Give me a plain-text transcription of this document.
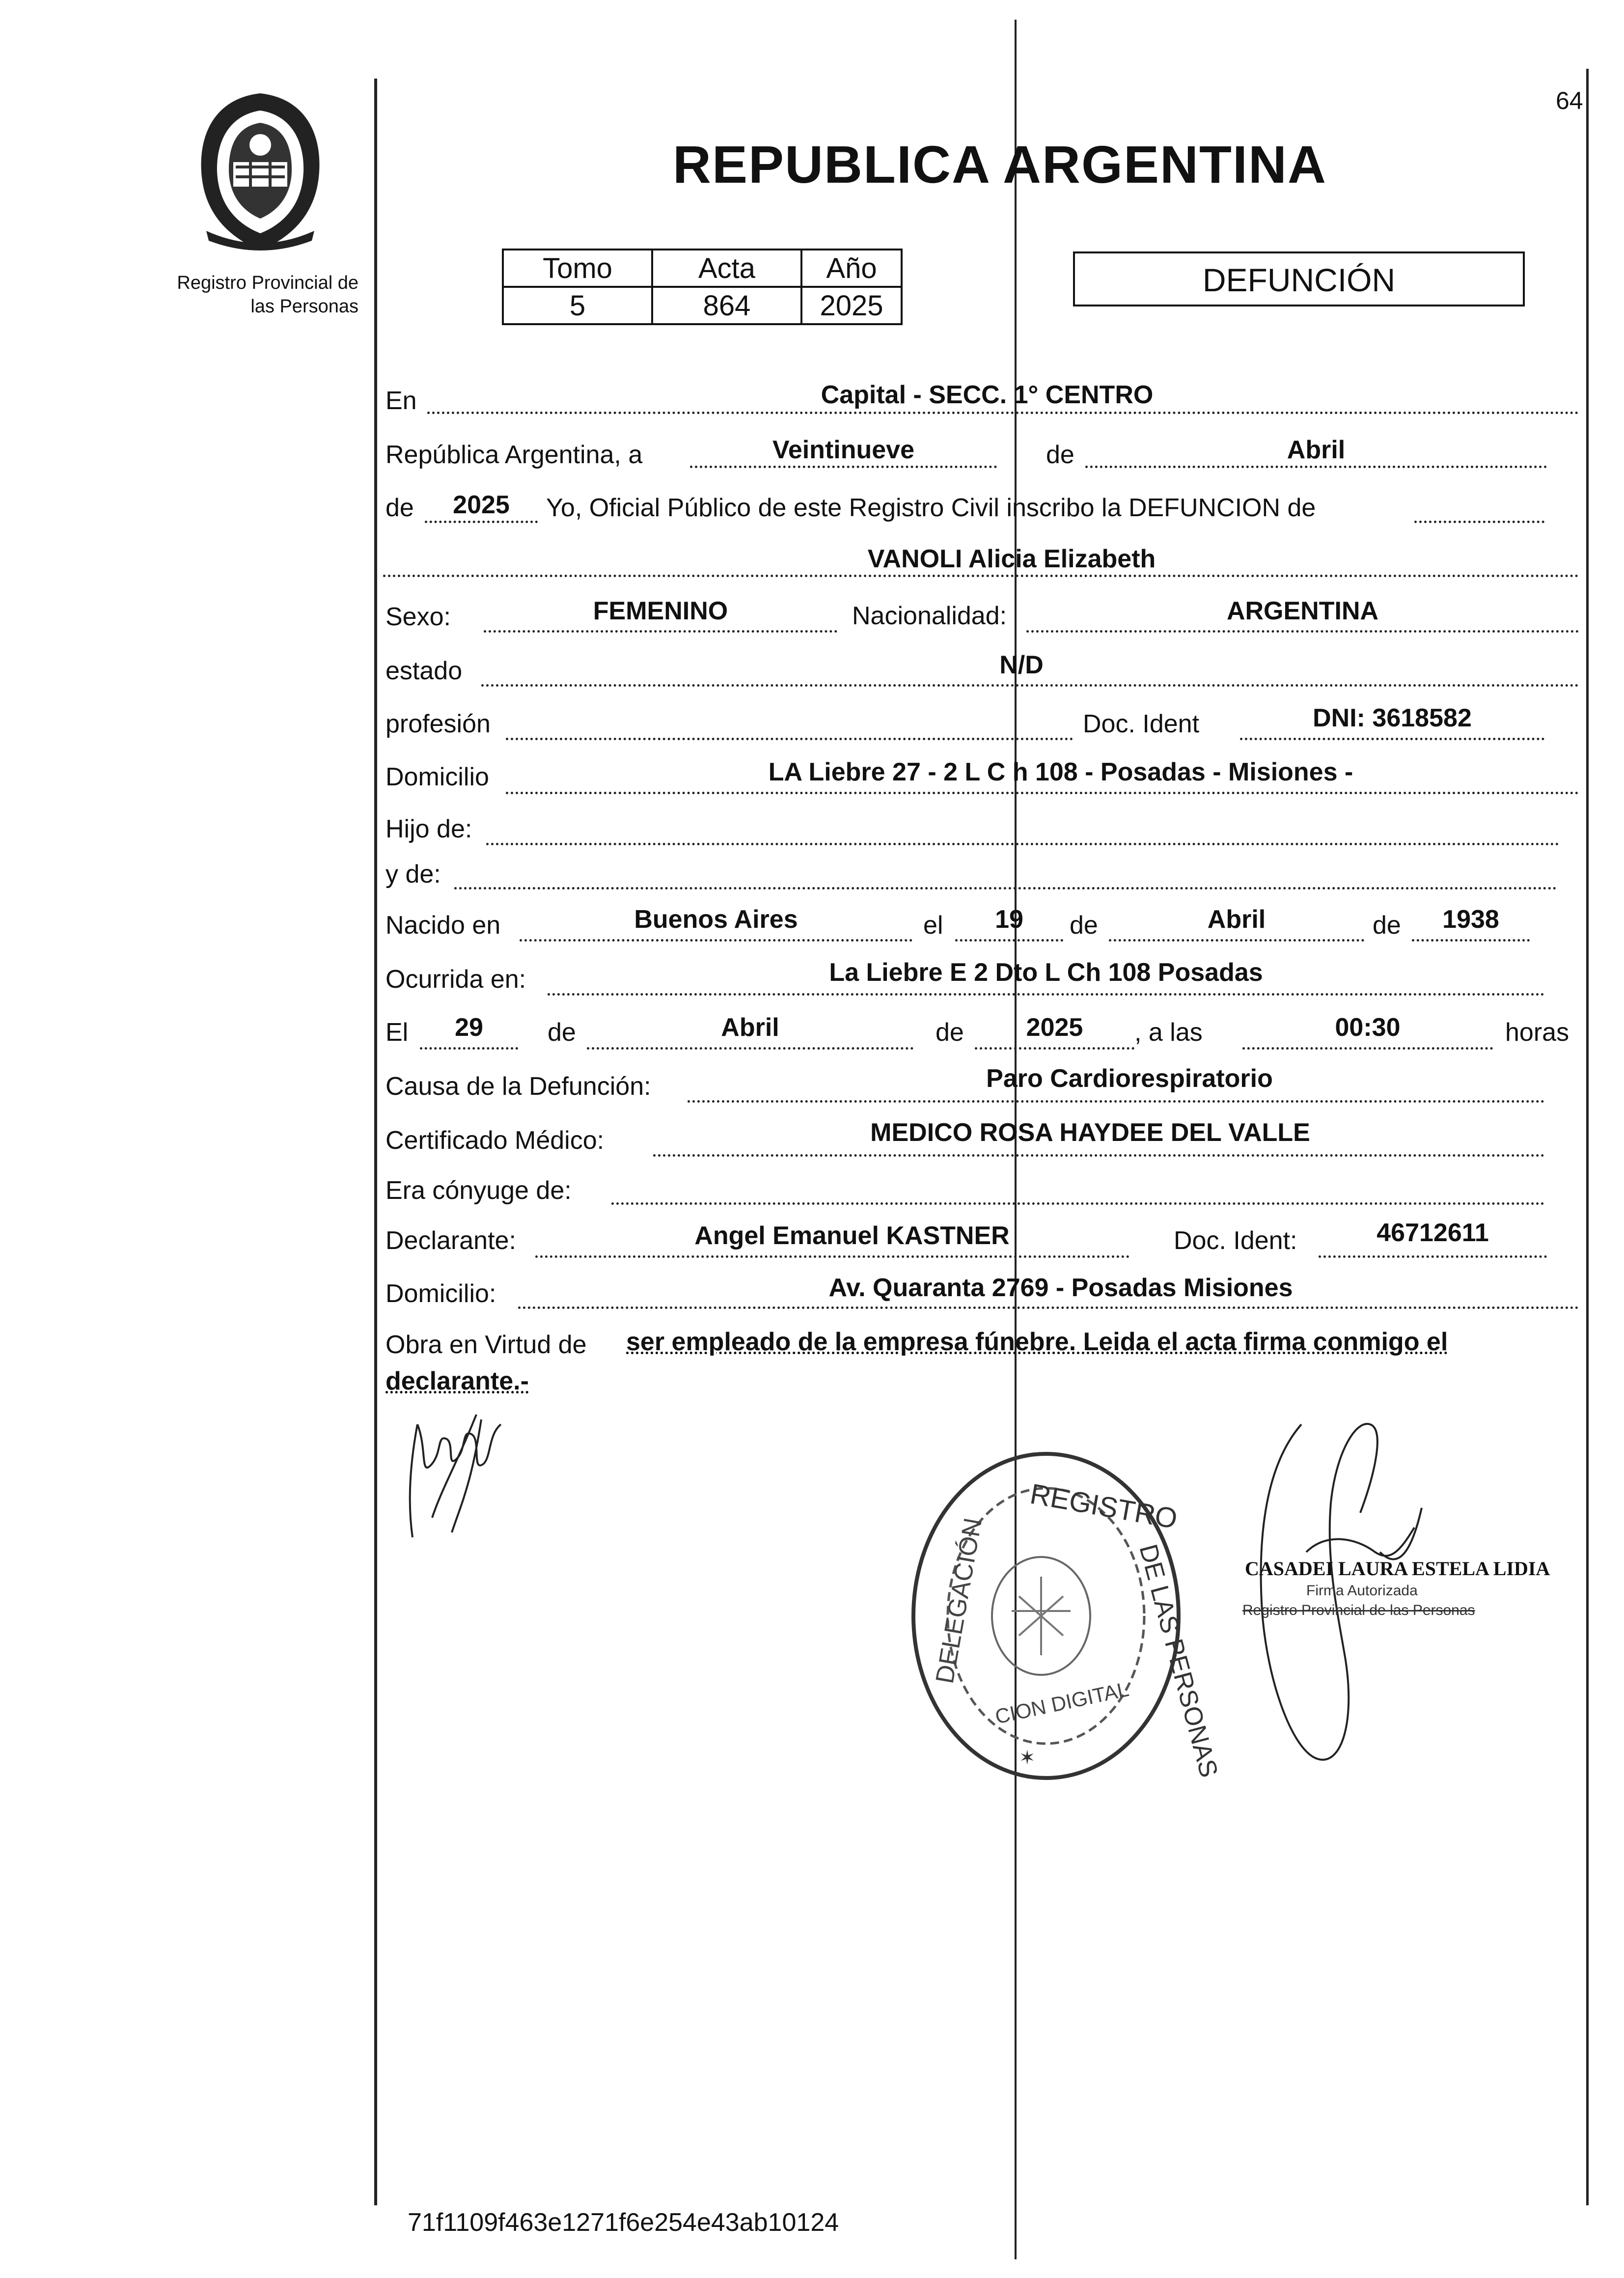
64
Registro Provincial de
las Personas
REPUBLICA ARGENTINA
Tomo	Acta	Año
5	864	2025
DEFUNCIÓN
En	Capital - SECC. 1° CENTRO
República Argentina, a	Veintinueve	de	Abril
de	2025	Yo, Oficial Público de este Registro Civil inscribo la DEFUNCION de
VANOLI Alicia Elizabeth
Sexo:	FEMENINO	Nacionalidad:	ARGENTINA
estado	N/D
profesión	Doc. Ident	DNI: 3618582
Domicilio	LA Liebre 27 - 2 L C h 108 - Posadas - Misiones -
Hijo de:
y de:
Nacido en	Buenos Aires	el	19	de	Abril	de	1938
Ocurrida en:	La Liebre E 2 Dto L Ch 108 Posadas
El	29	de	Abril	de	2025	, a las	00:30	horas
Causa de la Defunción:	Paro Cardiorespiratorio
Certificado Médico:	MEDICO ROSA HAYDEE DEL VALLE
Era cónyuge de:
Declarante:	Angel Emanuel KASTNER	Doc. Ident:	46712611
Domicilio:	Av. Quaranta 2769 - Posadas Misiones
Obra en Virtud de ser empleado de la empresa fúnebre. Leida el acta firma conmigo el
declarante.-
REGISTRO
DE LAS PERSONAS
DELEGACIÓN
CION DIGITAL
✶
CASADEI LAURA ESTELA LIDIA
Firma Autorizada
Registro Provincial de las Personas
71f1109f463e1271f6e254e43ab10124
